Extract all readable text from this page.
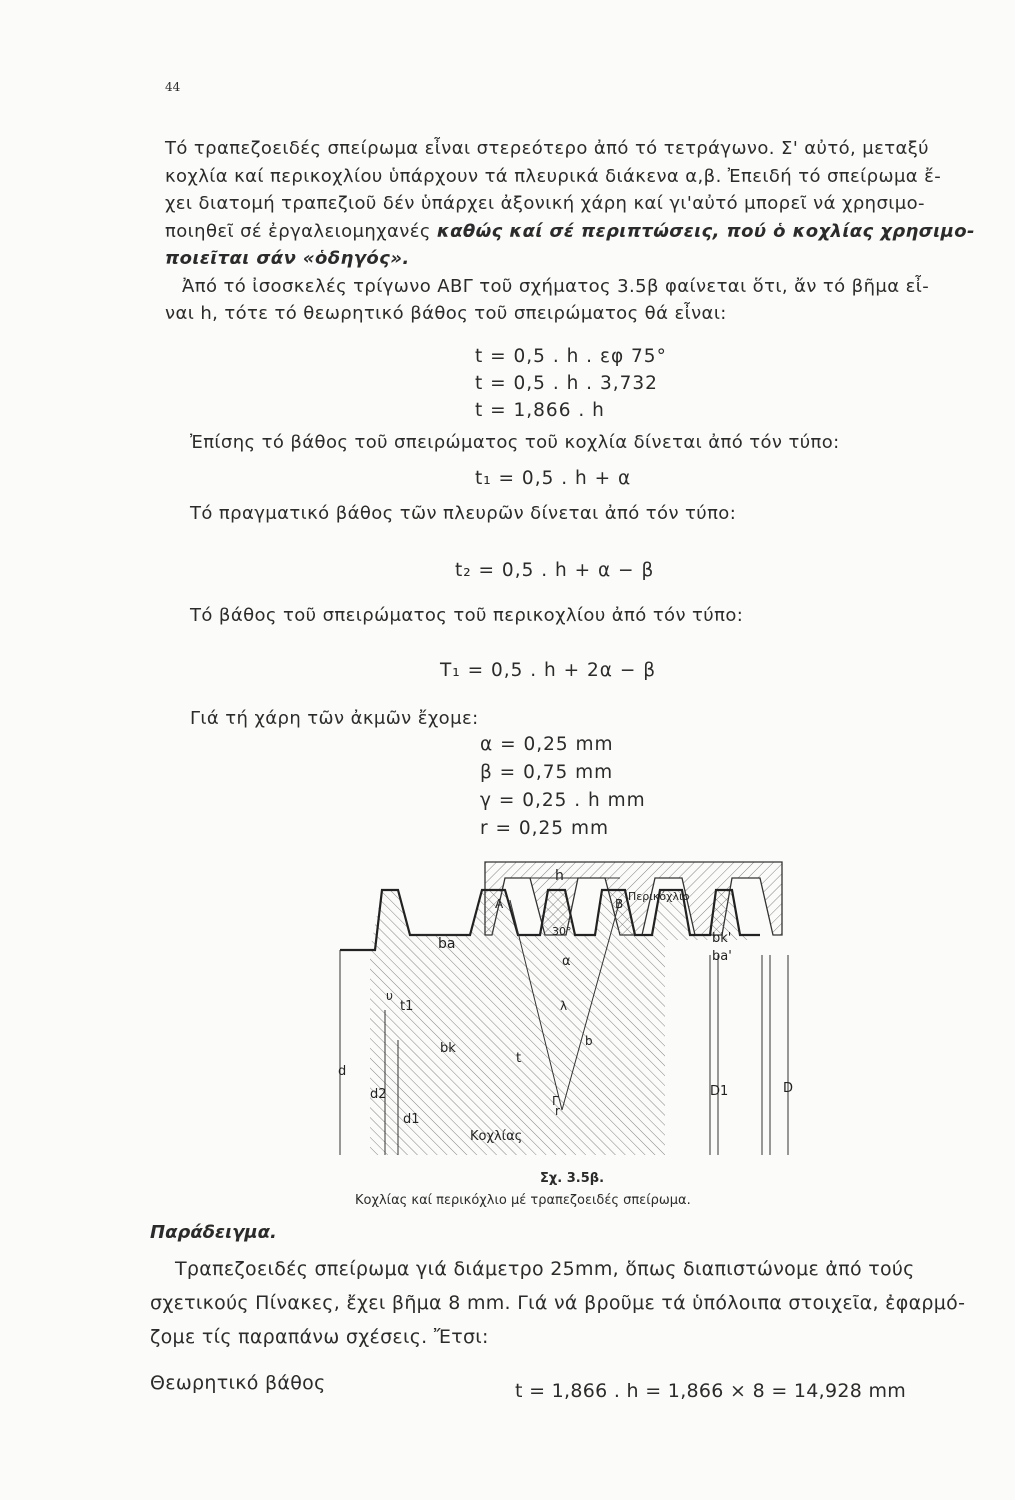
44
Τό τραπεζοειδές σπείρωμα εἶναι στερεότερο ἀπό τό τετράγωνο. Σ' αὐτό, μεταξύ
κοχλία καί περικοχλίου ὑπάρχουν τά πλευρικά διάκενα α,β. Ἐπειδή τό σπείρωμα ἔ-
χει διατομή τραπεζιοῦ δέν ὑπάρχει ἀξονική χάρη καί γι'αὐτό μπορεῖ νά χρησιμο-
ποιηθεῖ σέ ἐργαλειομηχανές καθώς καί σέ περιπτώσεις, πού ὁ κοχλίας χρησιμο-
ποιεῖται σάν «ὁδηγός».
Ἀπό τό ἰσοσκελές τρίγωνο ΑΒΓ τοῦ σχήματος 3.5β φαίνεται ὅτι, ἄν τό βῆμα εἶ-
ναι h, τότε τό θεωρητικό βάθος τοῦ σπειρώματος θά εἶναι:
t = 0,5 . h . εφ 75°
t = 0,5 . h . 3,732
t = 1,866 . h
Ἐπίσης τό βάθος τοῦ σπειρώματος τοῦ κοχλία δίνεται ἀπό τόν τύπο:
t₁ = 0,5 . h + α
Τό πραγματικό βάθος τῶν πλευρῶν δίνεται ἀπό τόν τύπο:
t₂ = 0,5 . h + α − β
Τό βάθος τοῦ σπειρώματος τοῦ περικοχλίου ἀπό τόν τύπο:
T₁ = 0,5 . h + 2α − β
Γιά τή χάρη τῶν ἀκμῶν ἔχομε:
α = 0,25 mm
β = 0,75 mm
γ = 0,25 . h mm
r = 0,25 mm
h
A	B
Γ
Περικόχλιο
30°
ba	bk'
ba'
α
t1
bk
t
d
d2
d1
Κοχλίας
r
b
D1	D
υ
λ
Σχ. 3.5β.
Κοχλίας καί περικόχλιο μέ τραπεζοειδές σπείρωμα.
Παράδειγμα.
Τραπεζοειδές σπείρωμα γιά διάμετρο 25mm, ὅπως διαπιστώνομε ἀπό τούς
σχετικούς Πίνακες, ἔχει βῆμα 8 mm. Γιά νά βροῦμε τά ὑπόλοιπα στοιχεῖα, ἐφαρμό-
ζομε τίς παραπάνω σχέσεις. Ἔτσι:
Θεωρητικό βάθος	t = 1,866 . h = 1,866 × 8 = 14,928 mm
